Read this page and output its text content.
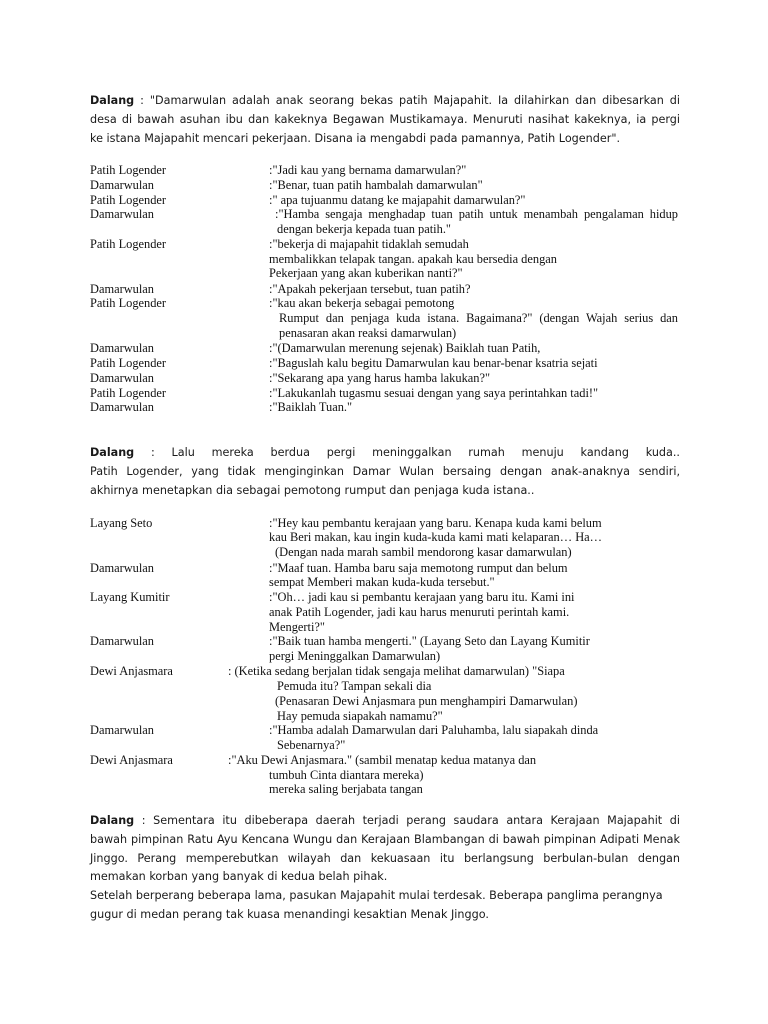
Dalang : "Damarwulan adalah anak seorang bekas patih Majapahit. Ia dilahirkan dan dibesarkan di

desa di bawah asuhan ibu dan kakeknya Begawan Mustikamaya. Menuruti nasihat kakeknya, ia pergi

ke istana Majapahit mencari pekerjaan. Disana ia mengabdi pada pamannya, Patih Logender".

Patih Logender	:"Jadi kau yang bernama damarwulan?"
Damarwulan	:"Benar, tuan patih hambalah damarwulan"
Patih Logender	:" apa tujuanmu datang ke majapahit damarwulan?"
Damarwulan	:"Hamba sengaja menghadap tuan patih untuk menambah pengalaman hidup
dengan bekerja kepada tuan patih."
Patih Logender	:"bekerja di majapahit tidaklah semudah
membalikkan telapak tangan. apakah kau bersedia dengan
Pekerjaan yang akan kuberikan nanti?"
Damarwulan	:"Apakah pekerjaan tersebut, tuan patih?
Patih Logender	:"kau akan bekerja sebagai pemotong
Rumput dan penjaga kuda istana. Bagaimana?" (dengan Wajah serius dan
penasaran akan reaksi damarwulan)
Damarwulan	:"(Damarwulan merenung sejenak) Baiklah tuan Patih,
Patih Logender	:"Baguslah kalu begitu Damarwulan kau benar-benar ksatria sejati
Damarwulan	:"Sekarang apa yang harus hamba lakukan?"
Patih Logender	:"Lakukanlah tugasmu sesuai dengan yang saya perintahkan tadi!"
Damarwulan	:"Baiklah Tuan."

Dalang : Lalu mereka berdua pergi meninggalkan rumah menuju kandang kuda..

Patih Logender, yang tidak menginginkan Damar Wulan bersaing dengan anak-anaknya sendiri,

akhirnya menetapkan dia sebagai pemotong rumput dan penjaga kuda istana..

Layang Seto	:"Hey kau pembantu kerajaan yang baru. Kenapa kuda kami belum
kau Beri makan, kau ingin kuda-kuda kami mati kelaparan… Ha…
(Dengan nada marah sambil mendorong kasar damarwulan)
Damarwulan	:"Maaf tuan. Hamba baru saja memotong rumput dan belum
sempat Memberi makan kuda-kuda tersebut."
Layang Kumitir	:"Oh… jadi kau si pembantu kerajaan yang baru itu. Kami ini
anak Patih Logender, jadi kau harus menuruti perintah kami.
Mengerti?"
Damarwulan	:"Baik tuan hamba mengerti." (Layang Seto dan Layang Kumitir
pergi Meninggalkan Damarwulan)
Dewi Anjasmara	: (Ketika sedang berjalan tidak sengaja melihat damarwulan) "Siapa
Pemuda itu? Tampan sekali dia
(Penasaran Dewi Anjasmara pun menghampiri Damarwulan)
Hay pemuda siapakah namamu?"
Damarwulan	:"Hamba adalah Damarwulan dari Paluhamba, lalu siapakah dinda
Sebenarnya?"
Dewi Anjasmara	:"Aku Dewi Anjasmara." (sambil menatap kedua matanya dan
tumbuh Cinta diantara mereka)
mereka saling berjabata tangan

Dalang : Sementara itu dibeberapa daerah terjadi perang saudara antara Kerajaan Majapahit di

bawah pimpinan Ratu Ayu Kencana Wungu dan Kerajaan Blambangan di bawah pimpinan Adipati Menak

Jinggo. Perang memperebutkan wilayah dan kekuasaan itu berlangsung berbulan-bulan dengan

memakan korban yang banyak di kedua belah pihak.

Setelah berperang beberapa lama, pasukan Majapahit mulai terdesak. Beberapa panglima perangnya

gugur di medan perang tak kuasa menandingi kesaktian Menak Jinggo.
